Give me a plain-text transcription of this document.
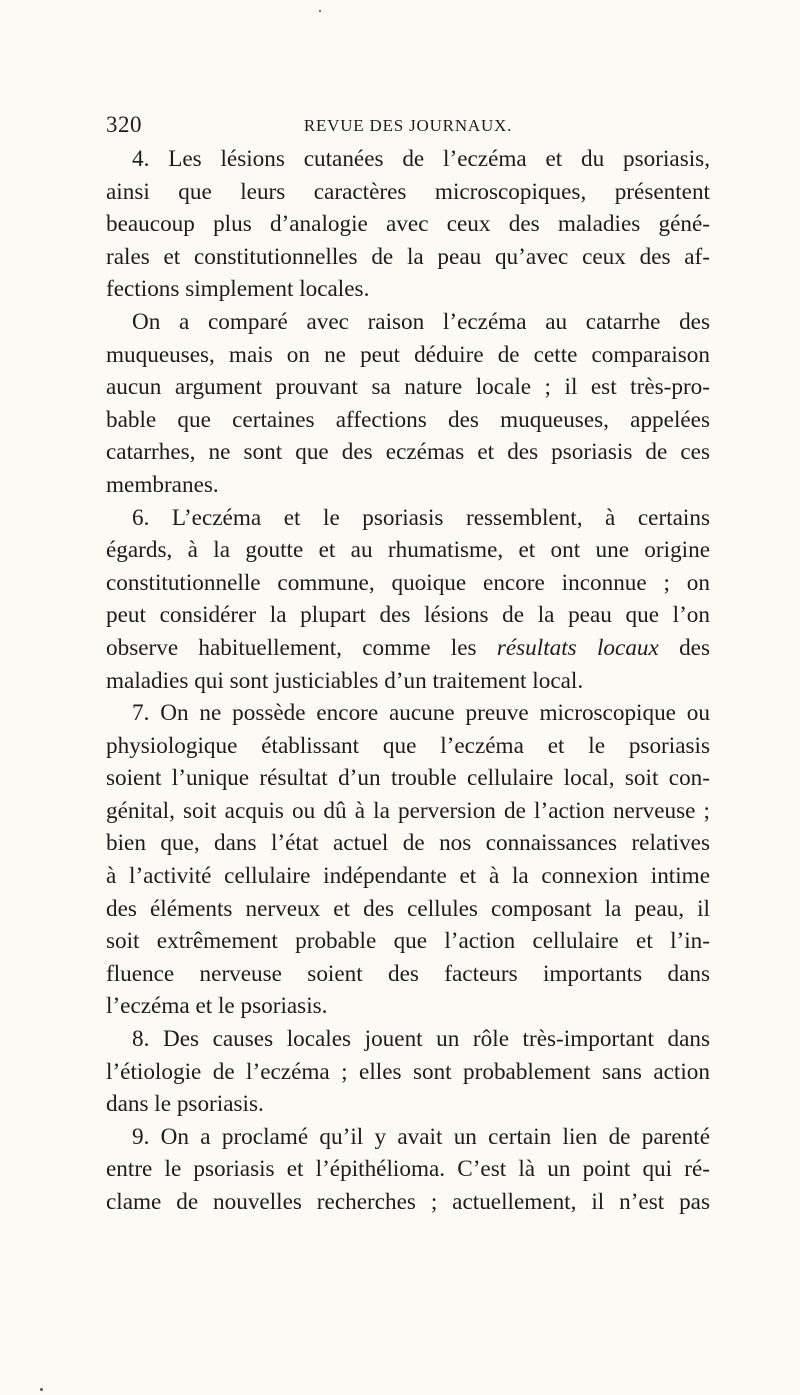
320	REVUE DES JOURNAUX.
4. Les lésions cutanées de l’eczéma et du psoriasis,
ainsi que leurs caractères microscopiques, présentent
beaucoup plus d’analogie avec ceux des maladies géné-
rales et constitutionnelles de la peau qu’avec ceux des af-
fections simplement locales.
On a comparé avec raison l’eczéma au catarrhe des
muqueuses, mais on ne peut déduire de cette comparaison
aucun argument prouvant sa nature locale ; il est très-pro-
bable que certaines affections des muqueuses, appelées
catarrhes, ne sont que des eczémas et des psoriasis de ces
membranes.
6. L’eczéma et le psoriasis ressemblent, à certains
égards, à la goutte et au rhumatisme, et ont une origine
constitutionnelle commune, quoique encore inconnue ; on
peut considérer la plupart des lésions de la peau que l’on
observe habituellement, comme les résultats locaux des
maladies qui sont justiciables d’un traitement local.
7. On ne possède encore aucune preuve microscopique ou
physiologique établissant que l’eczéma et le psoriasis
soient l’unique résultat d’un trouble cellulaire local, soit con-
génital, soit acquis ou dû à la perversion de l’action nerveuse ;
bien que, dans l’état actuel de nos connaissances relatives
à l’activité cellulaire indépendante et à la connexion intime
des éléments nerveux et des cellules composant la peau, il
soit extrêmement probable que l’action cellulaire et l’in-
fluence nerveuse soient des facteurs importants dans
l’eczéma et le psoriasis.
8. Des causes locales jouent un rôle très-important dans
l’étiologie de l’eczéma ; elles sont probablement sans action
dans le psoriasis.
9. On a proclamé qu’il y avait un certain lien de parenté
entre le psoriasis et l’épithélioma. C’est là un point qui ré-
clame de nouvelles recherches ; actuellement, il n’est pas
